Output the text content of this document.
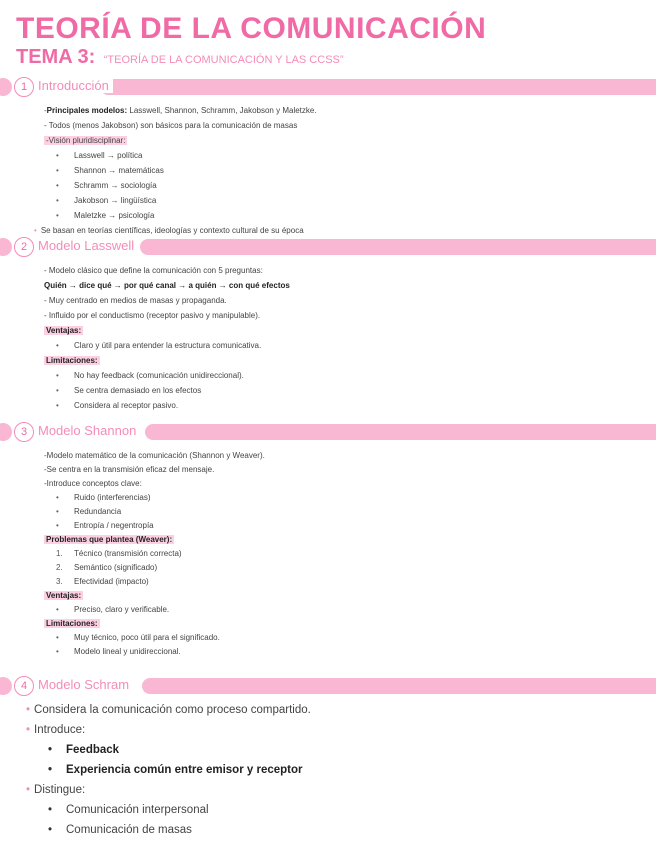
TEORÍA DE LA COMUNICACIÓN
TEMA 3: “TEORÍA DE LA COMUNICACIÓN Y LAS CCSS”
1 Introducción
-Principales modelos: Lasswell, Shannon, Schramm, Jakobson y Maletzke.
- Todos (menos Jakobson) son básicos para la comunicación de masas
-Visión pluridisciplinar:
• Lasswell → política
• Shannon → matemáticas
• Schramm → sociología
• Jakobson → lingüística
• Maletzke → psicología
• Se basan en teorías científicas, ideologías y contexto cultural de su época
2 Modelo Lasswell
- Modelo clásico que define la comunicación con 5 preguntas:
Quién → dice qué → por qué canal → a quién → con qué efectos
- Muy centrado en medios de masas y propaganda.
- Influido por el conductismo (receptor pasivo y manipulable).
Ventajas:
• Claro y útil para entender la estructura comunicativa.
Limitaciones:
• No hay feedback (comunicación unidireccional).
• Se centra demasiado en los efectos
• Considera al receptor pasivo.
3 Modelo Shannon
-Modelo matemático de la comunicación (Shannon y Weaver).
-Se centra en la transmisión eficaz del mensaje.
-Introduce conceptos clave:
• Ruido (interferencias)
• Redundancia
• Entropía / negentropía
Problemas que plantea (Weaver):
1. Técnico (transmisión correcta)
2. Semántico (significado)
3. Efectividad (impacto)
Ventajas:
• Preciso, claro y verificable.
Limitaciones:
• Muy técnico, poco útil para el significado.
• Modelo lineal y unidireccional.
4 Modelo Schram
• Considera la comunicación como proceso compartido.
• Introduce:
• Feedback
• Experiencia común entre emisor y receptor
• Distingue:
• Comunicación interpersonal
• Comunicación de masas
